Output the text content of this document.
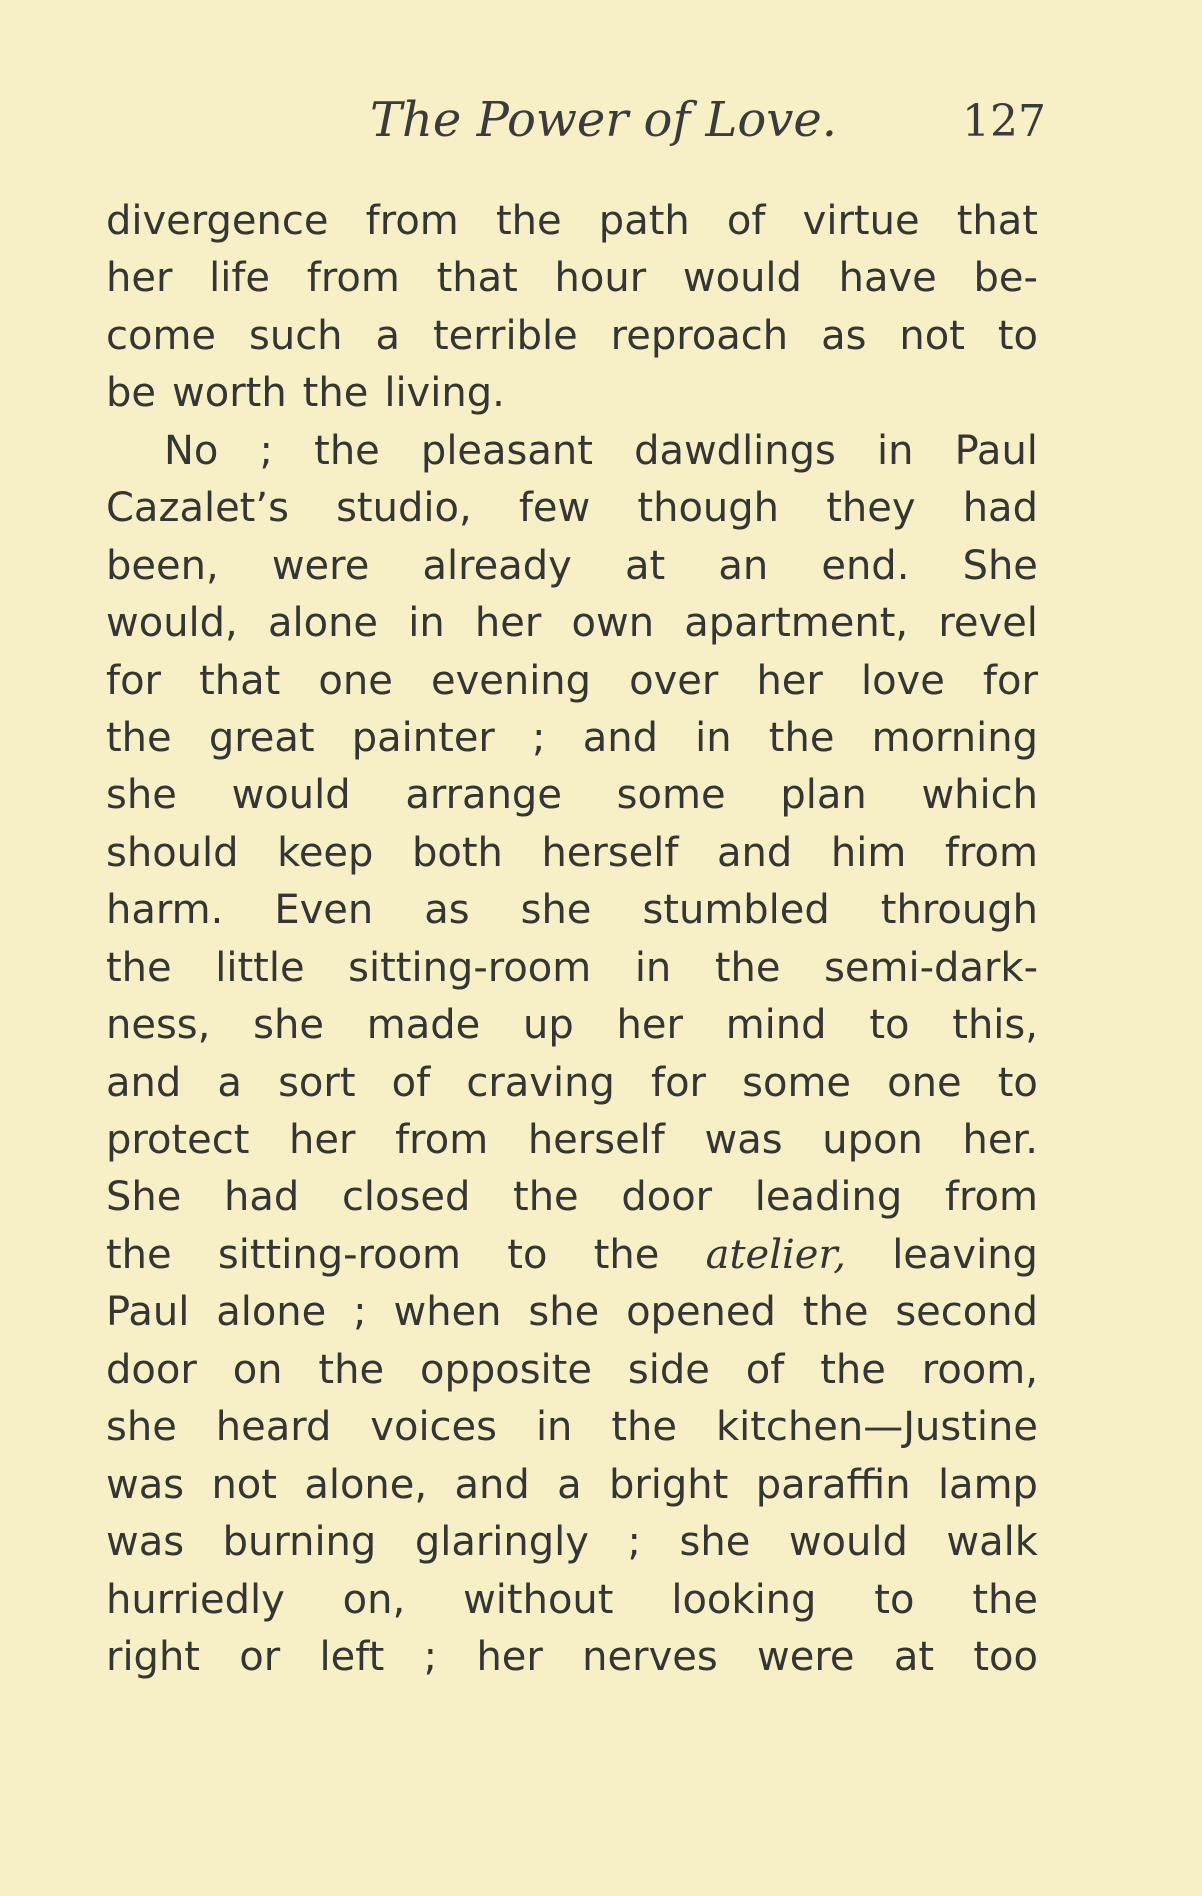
The Power of Love.	127
divergence from the path of virtue that
her life from that hour would have be-
come such a terrible reproach as not to
be worth the living.
No ; the pleasant dawdlings in Paul
Cazalet’s studio, few though they had
been, were already at an end. She
would, alone in her own apartment, revel
for that one evening over her love for
the great painter ; and in the morning
she would arrange some plan which
should keep both herself and him from
harm. Even as she stumbled through
the little sitting-room in the semi-dark-
ness, she made up her mind to this,
and a sort of craving for some one to
protect her from herself was upon her.
She had closed the door leading from
the sitting-room to the atelier, leaving
Paul alone ; when she opened the second
door on the opposite side of the room,
she heard voices in the kitchen—Justine
was not alone, and a bright paraffin lamp
was burning glaringly ; she would walk
hurriedly on, without looking to the
right or left ; her nerves were at too
